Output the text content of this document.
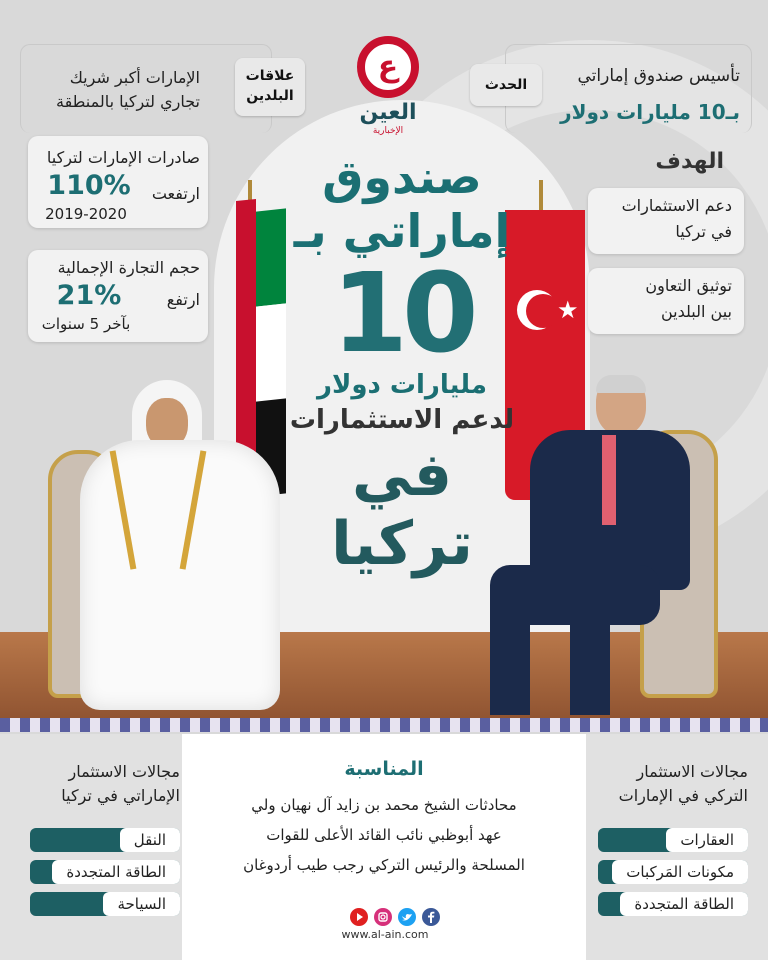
ع
العين
الإخبارية
علاقات البلدين
الإمارات أكبر شريك
تجاري لتركيا بالمنطقة
صادرات الإمارات لتركيا
ارتفعت
110%
2019-2020
حجم التجارة الإجمالية
ارتفع
21%
بآخر 5 سنوات
الحدث	تأسيس صندوق إماراتي
بـ10 مليارات دولار
الهدف
دعم الاستثمارات
في تركيا
توثيق التعاون
بين البلدين
★
صندوق
إماراتي بـ
10
مليارات دولار
لدعم الاستثمارات
في
تركيا
مجالات الاستثمار
الإماراتي في تركيا
النقل
الطاقة المتجددة
السياحة
المناسبة
محادثات الشيخ محمد بن زايد آل نهيان ولي
عهد أبوظبي نائب القائد الأعلى للقوات
المسلحة والرئيس التركي رجب طيب أردوغان
www.al-ain.com
مجالات الاستثمار
التركي في الإمارات
العقارات
مكونات المَركبات
الطاقة المتجددة
